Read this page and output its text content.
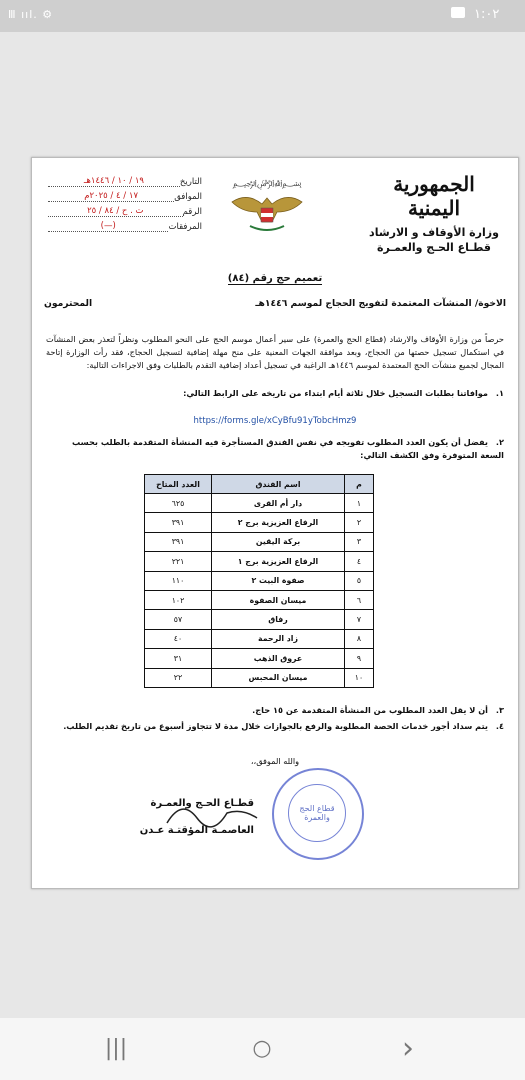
Ⅲ ııl. ⚙	١:٠٢
الجمهورية اليمنية
وزارة الأوقاف و الارشاد
قطـاع الحـج والعمـرة
﷽
التاريخ
١٩ / ١٠ / ١٤٤٦هـ
الموافق
١٧ / ٤ / ٢٠٢٥م
الرقم
ت . ح / ٨٤ / ٢٥
المرفقات
(—)
تعميم حج رقم (٨٤)
الاخوة/ المنشآت المعتمدة لتفويج الحجاج لموسم ١٤٤٦هـ
المحترمون
حرصاً من وزارة الأوقاف والارشاد (قطاع الحج والعمرة) على سير أعمال موسم الحج على النحو المطلوب ونظراً لتعذر بعض المنشآت في استكمال تسجيل حصتها من الحجاج، وبعد موافقة الجهات المعنية على منح مهلة إضافية لتسجيل الحجاج، فقد رأت الوزارة إتاحة المجال لجميع منشآت الحج المعتمدة لموسم ١٤٤٦هـ الراغبة في تسجيل أعداد إضافية التقدم بالطلبات وفق الاجراءات التالية:
١.موافاتنا بطلبات التسجيل خلال ثلاثة أيام ابتداء من تاريخه على الرابط التالي:
https://forms.gle/xCyBfu91yTobcHmz9
٢.يفضل أن يكون العدد المطلوب تفويجه في نفس الفندق المستأجرة فيه المنشأة المتقدمة بالطلب بحسب السعة المتوفرة وفق الكشف التالي:
م	اسم الفندق	العدد المتاح
١	دار أم القرى	٦٢٥
٢	الرفاع العزيزية برج ٢	٣٩١
٣	بركة اليقين	٣٩١
٤	الرفاع العزيزية برج ١	٢٢١
٥	صفوة البيت ٢	١١٠
٦	ميسان الصفوة	١٠٢
٧	رفاق	٥٧
٨	زاد الرحمة	٤٠
٩	عروق الذهب	٣١
١٠	ميسان المحبس	٢٢
٣.أن لا يقل العدد المطلوب من المنشأة المتقدمة عن ١٥ حاج.
٤.يتم سداد أجور خدمات الحصة المطلوبة والرفع بالجوازات خلال مدة لا تتجاوز أسبوع من تاريخ تقديم الطلب.
والله الموفق،،
قطاع الحج والعمرة
قطـاع الحـج والعمـرة
العاصمـة المؤقتـة عـدن
|||	○	›
